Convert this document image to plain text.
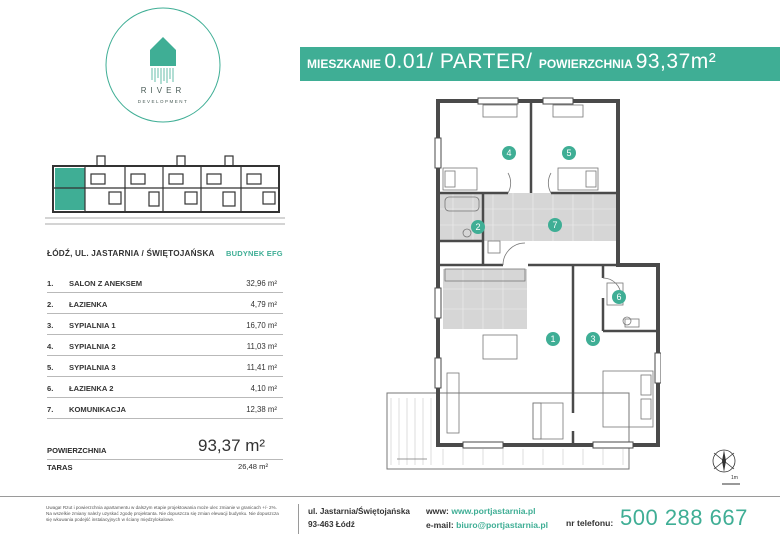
RIVER
DEVELOPMENT
ŁÓDŹ, UL. JASTARNIA / ŚWIĘTOJAŃSKA BUDYNEK EFG
1. SALON Z ANEKSEM	32,96 m²
2. ŁAZIENKA	4,79 m²
3. SYPIALNIA 1	16,70 m²
4. SYPIALNIA 2	11,03 m²
5. SYPIALNIA 3	11,41 m²
6. ŁAZIENKA 2	4,10 m²
7. KOMUNIKACJA	12,38 m²
POWIERZCHNIA	93,37 m²
TARAS	26,48 m²
MIESZKANIE 0.01/ PARTER/ POWIERZCHNIA 93,37m²
4	5
2	7
6
1	3
1m
Uwaga! Rzut i powierzchnia apartamentu w dalszym etapie projektowania może ulec zmianie w granicach +/- 2%. Na wszelkie zmiany należy uzyskać zgodę projektanta. Nie dopuszcza się zmian elewacji budynku. Nie dopuszcza się wkuwania podejść instalacyjnych w ściany międzylokalowe.
ul. Jastarnia/Świętojańska
93-463 Łódź
www: www.portjastarnia.pl
e-mail: biuro@portjastarnia.pl nr telefonu: 500 288 667
